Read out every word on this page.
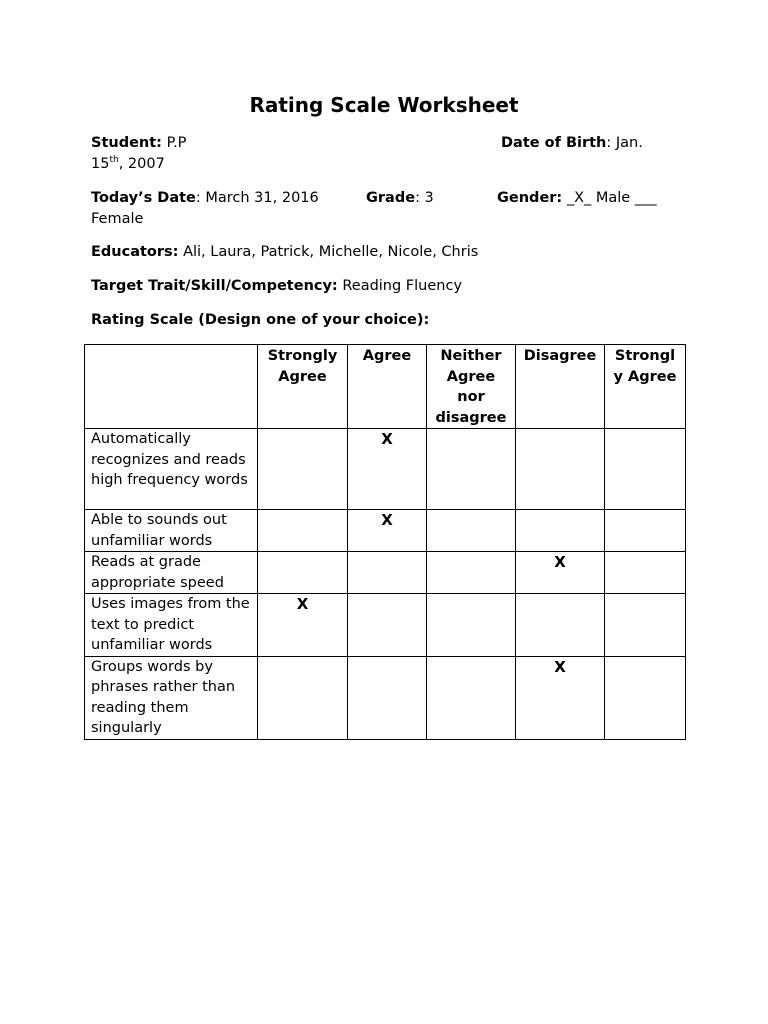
Rating Scale Worksheet
Student: P.P	Date of Birth: Jan.
15th, 2007
Today’s Date: March 31, 2016	Grade: 3	Gender: _X_ Male ___
Female
Educators: Ali, Laura, Patrick, Michelle, Nicole, Chris
Target Trait/Skill/Competency: Reading Fluency
Rating Scale (Design one of your choice):
	Strongly Agree	Agree	Neither Agree nor disagree	Disagree	Strongly Agree
Automatically recognizes and reads high frequency words		X			
Able to sounds out unfamiliar words		X			
Reads at grade appropriate speed				X	
Uses images from the text to predict unfamiliar words	X				
Groups words by phrases rather than reading them singularly				X	
